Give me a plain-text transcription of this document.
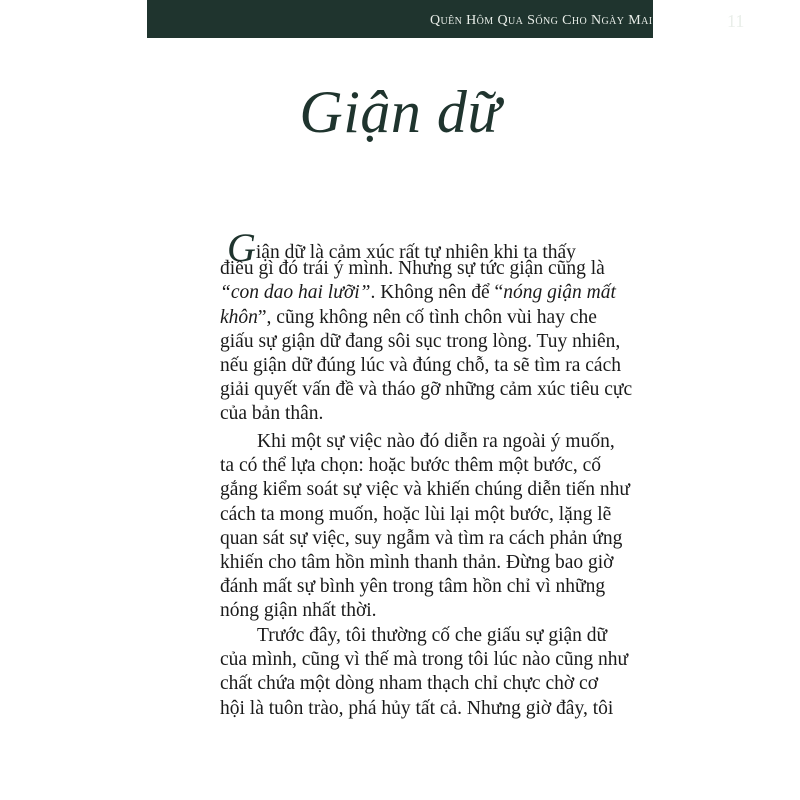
Quên Hôm Qua Sống Cho Ngày Mai	11
Giận dữ
Giận dữ là cảm xúc rất tự nhiên khi ta thấy
điều gì đó trái ý mình. Nhưng sự tức giận cũng là
“con dao hai lưỡi”. Không nên để “nóng giận mất
khôn”, cũng không nên cố tình chôn vùi hay che
giấu sự giận dữ đang sôi sục trong lòng. Tuy nhiên,
nếu giận dữ đúng lúc và đúng chỗ, ta sẽ tìm ra cách
giải quyết vấn đề và tháo gỡ những cảm xúc tiêu cực
của bản thân.
Khi một sự việc nào đó diễn ra ngoài ý muốn,
ta có thể lựa chọn: hoặc bước thêm một bước, cố
gắng kiểm soát sự việc và khiến chúng diễn tiến như
cách ta mong muốn, hoặc lùi lại một bước, lặng lẽ
quan sát sự việc, suy ngẫm và tìm ra cách phản ứng
khiến cho tâm hồn mình thanh thản. Đừng bao giờ
đánh mất sự bình yên trong tâm hồn chỉ vì những
nóng giận nhất thời.
Trước đây, tôi thường cố che giấu sự giận dữ
của mình, cũng vì thế mà trong tôi lúc nào cũng như
chất chứa một dòng nham thạch chỉ chực chờ cơ
hội là tuôn trào, phá hủy tất cả. Nhưng giờ đây, tôi
